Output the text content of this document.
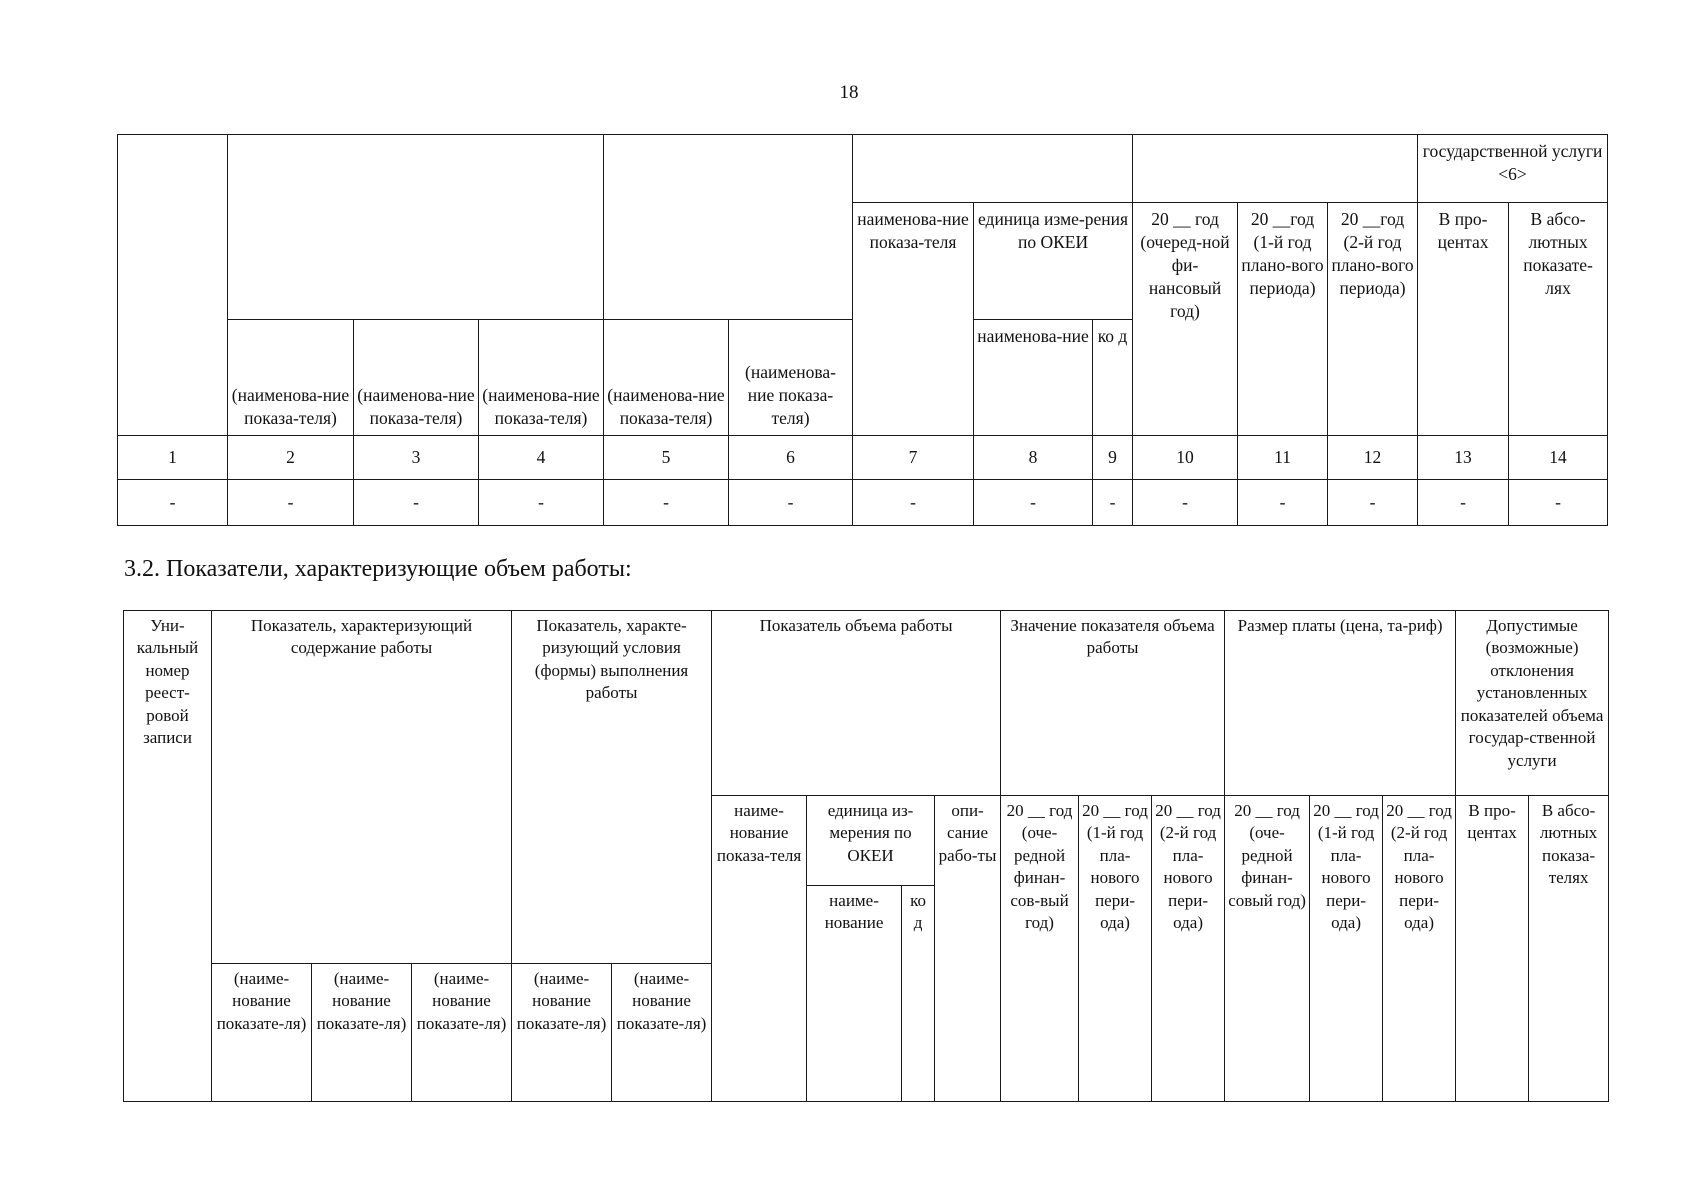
18
												государственной услуги <6>	
						наименова-ние показа-теля	единица изме-рения по ОКЕИ		20 __ год (очеред-ной фи-нансовый год)	20 __год (1-й год плано-вого периода)	20 __год (2-й год плано-вого периода)	В про-центах	В абсо-лютных показате-лях
	(наименова-ние показа-теля)	(наименова-ние показа-теля)	(наименова-ние показа-теля)	(наименова-ние показа-теля)	(наименова-ние показа-теля)		наименова-ние	ко д					
1	2	3	4	5	6	7	8	9	10	11	12	13	14
-	-	-	-	-	-	-	-	-	-	-	-	-	-
3.2. Показатели, характеризующие объем работы:
Уни-кальный номер реест-ровой записи	Показатель, характеризующий содержание работы			Показатель, характе-ризующий условия (формы) выполнения работы		Показатель объема работы				Значение показателя объема работы			Размер платы (цена, та-риф)			Допустимые (возможные) отклонения установленных показателей объема государ-ственной услуги	
						наиме-нование показа-теля	единица из-мерения по ОКЕИ		опи-сание рабо-ты	20 __ год (оче-редной финан-сов-вый год)	20 __ год (1-й год пла-нового пери-ода)	20 __ год (2-й год пла-нового пери-ода)	20 __ год (оче-редной финан-совый год)	20 __ год (1-й год пла-нового пери-ода)	20 __ год (2-й год пла-нового пери-ода)	В про-центах	В абсо-лютных показа-телях
							наиме-нование	ко д									
	(наиме-нование показате-ля)	(наиме-нование показате-ля)	(наиме-нование показате-ля)	(наиме-нование показате-ля)	(наиме-нование показате-ля)												
